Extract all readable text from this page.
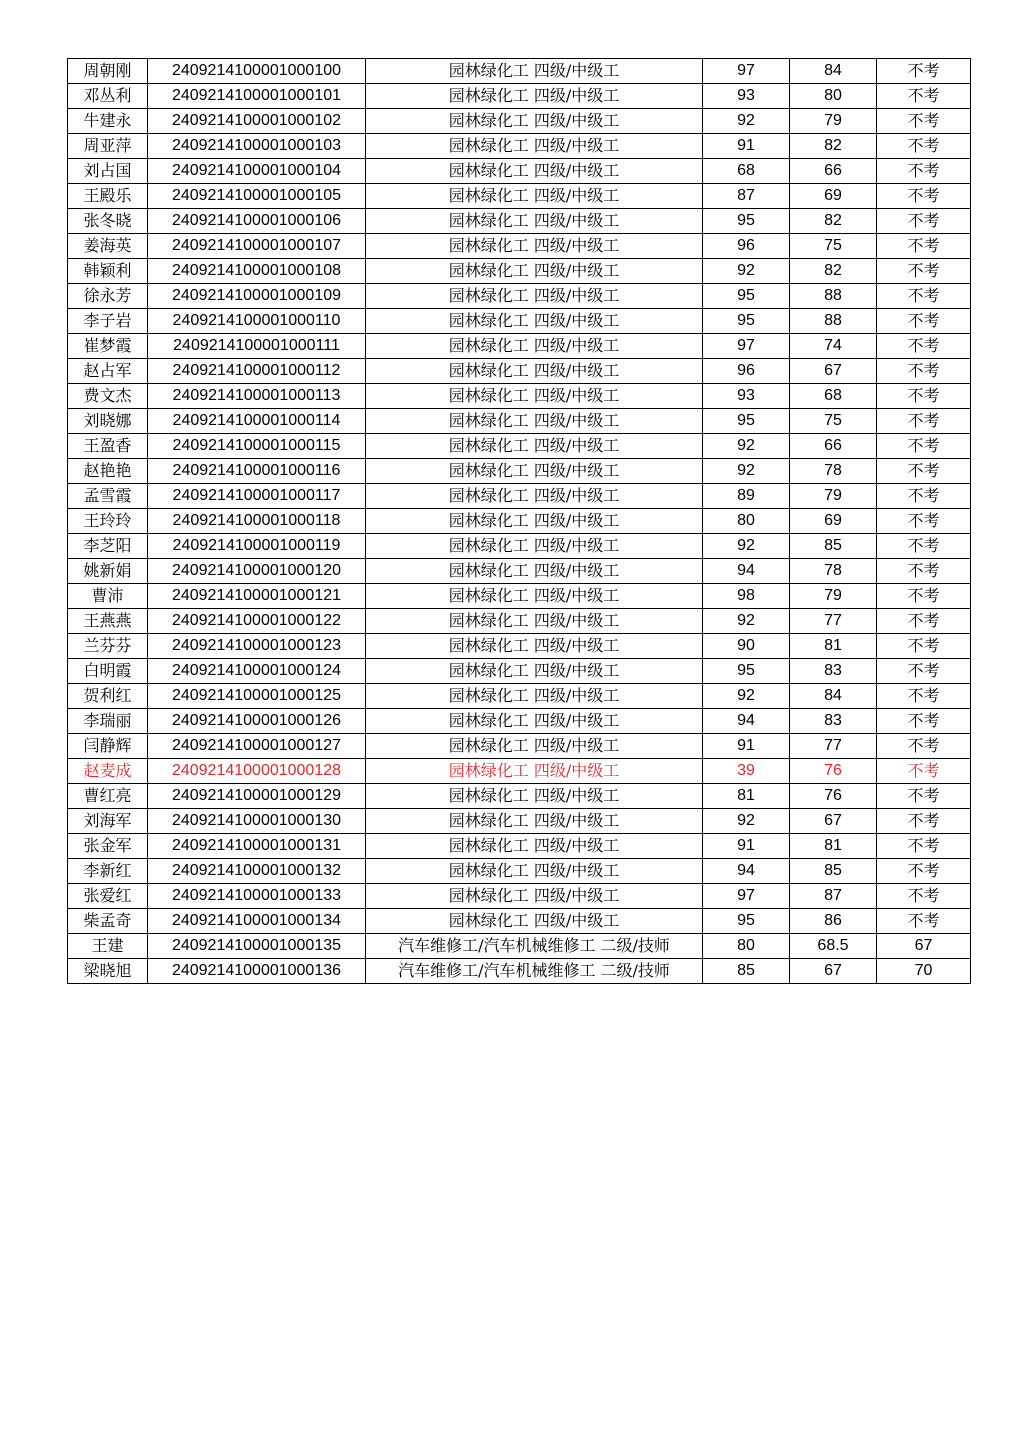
周朝刚	2409214100001000100	园林绿化工 四级/中级工	97	84	不考
邓丛利	2409214100001000101	园林绿化工 四级/中级工	93	80	不考
牛建永	2409214100001000102	园林绿化工 四级/中级工	92	79	不考
周亚萍	2409214100001000103	园林绿化工 四级/中级工	91	82	不考
刘占国	2409214100001000104	园林绿化工 四级/中级工	68	66	不考
王殿乐	2409214100001000105	园林绿化工 四级/中级工	87	69	不考
张冬晓	2409214100001000106	园林绿化工 四级/中级工	95	82	不考
姜海英	2409214100001000107	园林绿化工 四级/中级工	96	75	不考
韩颖利	2409214100001000108	园林绿化工 四级/中级工	92	82	不考
徐永芳	2409214100001000109	园林绿化工 四级/中级工	95	88	不考
李子岩	2409214100001000110	园林绿化工 四级/中级工	95	88	不考
崔梦霞	2409214100001000111	园林绿化工 四级/中级工	97	74	不考
赵占军	2409214100001000112	园林绿化工 四级/中级工	96	67	不考
费文杰	2409214100001000113	园林绿化工 四级/中级工	93	68	不考
刘晓娜	2409214100001000114	园林绿化工 四级/中级工	95	75	不考
王盈香	2409214100001000115	园林绿化工 四级/中级工	92	66	不考
赵艳艳	2409214100001000116	园林绿化工 四级/中级工	92	78	不考
孟雪霞	2409214100001000117	园林绿化工 四级/中级工	89	79	不考
王玲玲	2409214100001000118	园林绿化工 四级/中级工	80	69	不考
李芝阳	2409214100001000119	园林绿化工 四级/中级工	92	85	不考
姚新娟	2409214100001000120	园林绿化工 四级/中级工	94	78	不考
曹沛	2409214100001000121	园林绿化工 四级/中级工	98	79	不考
王燕燕	2409214100001000122	园林绿化工 四级/中级工	92	77	不考
兰芬芬	2409214100001000123	园林绿化工 四级/中级工	90	81	不考
白明霞	2409214100001000124	园林绿化工 四级/中级工	95	83	不考
贺利红	2409214100001000125	园林绿化工 四级/中级工	92	84	不考
李瑞丽	2409214100001000126	园林绿化工 四级/中级工	94	83	不考
闫静辉	2409214100001000127	园林绿化工 四级/中级工	91	77	不考
赵麦成	2409214100001000128	园林绿化工 四级/中级工	39	76	不考
曹红亮	2409214100001000129	园林绿化工 四级/中级工	81	76	不考
刘海军	2409214100001000130	园林绿化工 四级/中级工	92	67	不考
张金军	2409214100001000131	园林绿化工 四级/中级工	91	81	不考
李新红	2409214100001000132	园林绿化工 四级/中级工	94	85	不考
张爱红	2409214100001000133	园林绿化工 四级/中级工	97	87	不考
柴孟奇	2409214100001000134	园林绿化工 四级/中级工	95	86	不考
王建	2409214100001000135	汽车维修工/汽车机械维修工 二级/技师	80	68.5	67
梁晓旭	2409214100001000136	汽车维修工/汽车机械维修工 二级/技师	85	67	70
